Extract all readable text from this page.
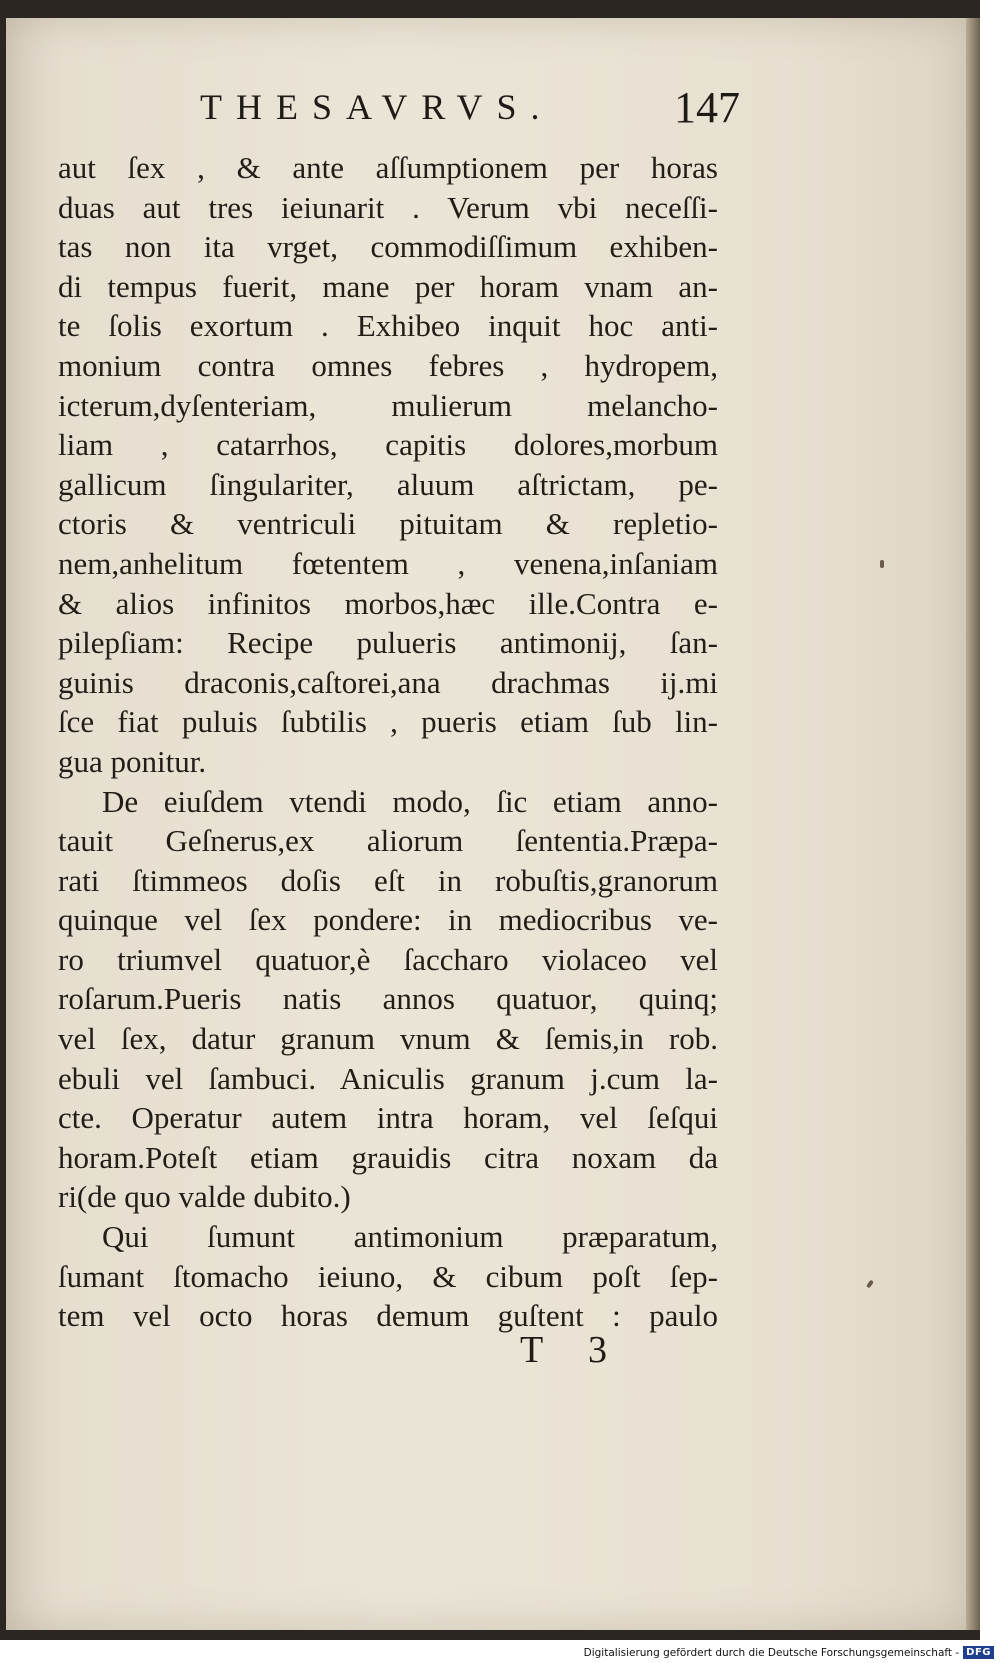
THESAVRVS.	147
aut ſex , & ante aſſumptionem per horas
duas aut tres ieiunarit . Verum vbi neceſſi-
tas non ita vrget, commodiſſimum exhiben-
di tempus fuerit, mane per horam vnam an-
te ſolis exortum . Exhibeo inquit hoc anti-
monium contra omnes febres , hydropem,
icterum,dyſenteriam, mulierum melancho-
liam , catarrhos, capitis dolores,morbum
gallicum ſingulariter, aluum aſtrictam, pe-
ctoris & ventriculi pituitam & repletio-
nem,anhelitum fœtentem , venena,inſaniam
& alios infinitos morbos,hæc ille.Contra e-
pilepſiam: Recipe pulueris antimonij, ſan-
guinis draconis,caſtorei,ana drachmas ij.mi
ſce fiat puluis ſubtilis , pueris etiam ſub lin-
gua ponitur.
De eiuſdem vtendi modo, ſic etiam anno-
tauit Geſnerus,ex aliorum ſententia.Præpa-
rati ſtimmeos doſis eſt in robuſtis,granorum
quinque vel ſex pondere: in mediocribus ve-
ro triumvel quatuor,è ſaccharo violaceo vel
roſarum.Pueris natis annos quatuor, quinq;
vel ſex, datur granum vnum & ſemis,in rob.
ebuli vel ſambuci. Aniculis granum j.cum la-
cte. Operatur autem intra horam, vel ſeſqui
horam.Poteſt etiam grauidis citra noxam da
ri(de quo valde dubito.)
Qui ſumunt antimonium præparatum,
ſumant ſtomacho ieiuno, & cibum poſt ſep-
tem vel octo horas demum guſtent : paulo
T 3
Digitalisierung gefördert durch die Deutsche Forschungsgemeinschaft - DFG
